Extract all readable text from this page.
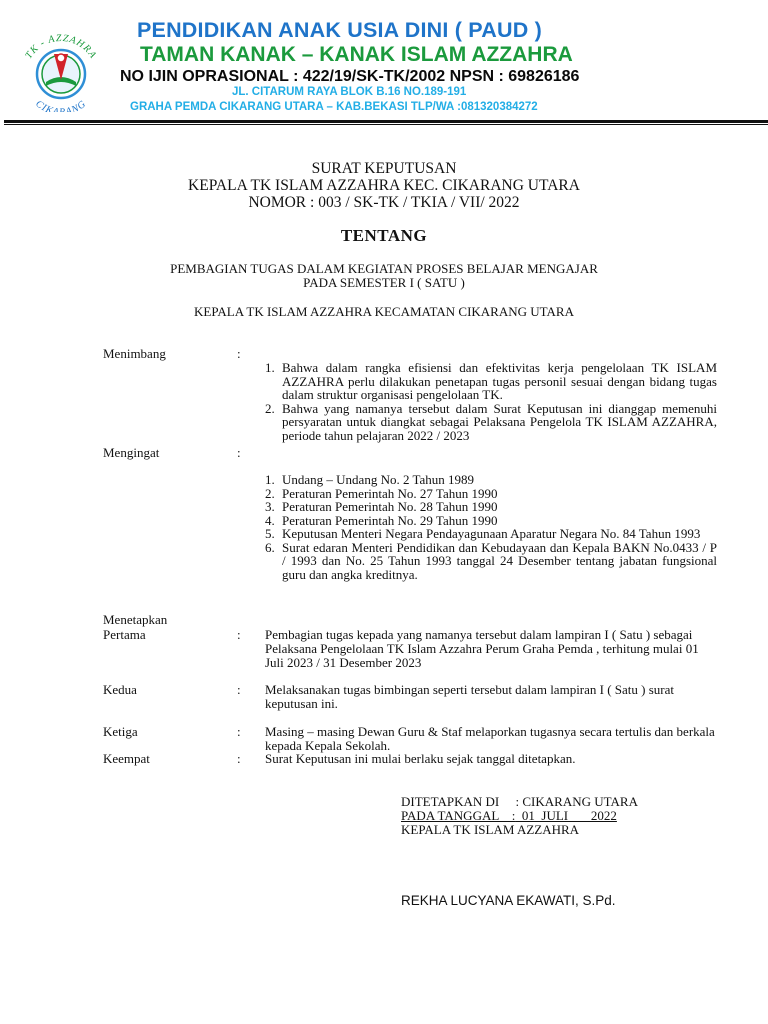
TK - AZZAHRA
CIK ANG
PENDIDIKAN ANAK USIA DINI ( PAUD )
TAMAN KANAK – KANAK ISLAM AZZAHRA
NO IJIN OPRASIONAL : 422/19/SK-TK/2002 NPSN : 69826186
JL. CITARUM RAYA BLOK B.16 NO.189-191
GRAHA PEMDA CIKARANG UTARA – KAB.BEKASI TLP/WA :081320384272
SURAT KEPUTUSAN
KEPALA TK ISLAM AZZAHRA KEC. CIKARANG UTARA
NOMOR : 003 / SK-TK / TKIA / VII/ 2022
TENTANG
PEMBAGIAN TUGAS DALAM KEGIATAN PROSES BELAJAR MENGAJAR
PADA SEMESTER I ( SATU )
KEPALA TK ISLAM AZZAHRA KECAMATAN CIKARANG UTARA
Menimbang	:
1. Bahwa dalam rangka efisiensi dan efektivitas kerja pengelolaan TK ISLAM AZZAHRA perlu dilakukan penetapan tugas personil sesuai dengan bidang tugas dalam struktur organisasi pengelolaan TK.
2. Bahwa yang namanya tersebut dalam Surat Keputusan ini dianggap memenuhi persyaratan untuk diangkat sebagai Pelaksana Pengelola TK ISLAM AZZAHRA, periode tahun pelajaran 2022 / 2023
Mengingat	:
1. Undang – Undang No. 2 Tahun 1989
2. Peraturan Pemerintah No. 27 Tahun 1990
3. Peraturan Pemerintah No. 28 Tahun 1990
4. Peraturan Pemerintah No. 29 Tahun 1990
5. Keputusan Menteri Negara Pendayagunaan Aparatur Negara No. 84 Tahun 1993
6. Surat edaran Menteri Pendidikan dan Kebudayaan dan Kepala BAKN No.0433 / P / 1993 dan No. 25 Tahun 1993 tanggal 24 Desember tentang jabatan fungsional guru dan angka kreditnya.
Menetapkan
Pertama	: Pembagian tugas kepada yang namanya tersebut dalam lampiran I ( Satu ) sebagai Pelaksana Pengelolaan TK Islam Azzahra Perum Graha Pemda , terhitung mulai 01 Juli 2023 / 31 Desember 2023
Kedua	: Melaksanakan tugas bimbingan seperti tersebut dalam lampiran I ( Satu ) surat keputusan ini.
Ketiga	: Masing – masing Dewan Guru & Staf melaporkan tugasnya secara tertulis dan berkala kepada Kepala Sekolah.
Keempat	: Surat Keputusan ini mulai berlaku sejak tanggal ditetapkan.
DITETAPKAN DI     : CIKARANG UTARA
PADA TANGGAL    :  01  JULI       2022
KEPALA TK ISLAM AZZAHRA
REKHA LUCYANA EKAWATI, S.Pd.
